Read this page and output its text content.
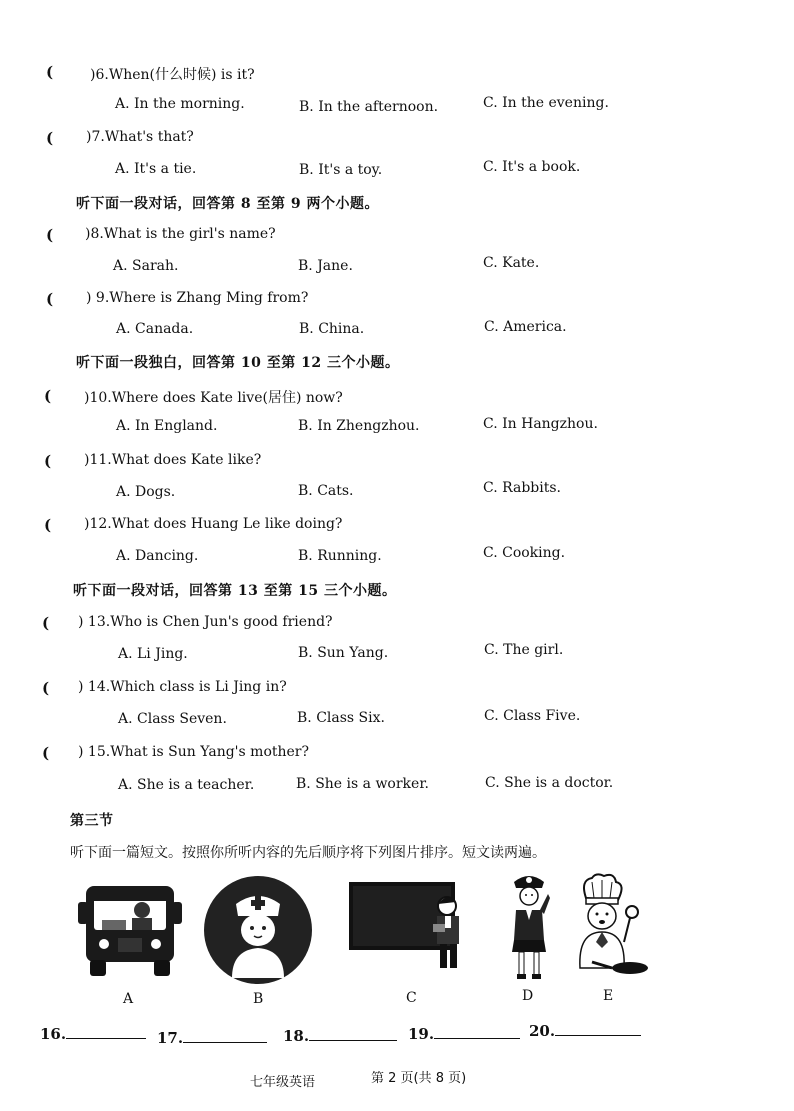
(	)6.When(什么时候) is it?
A. In the morning.	B. In the afternoon.	C. In the evening.
( )7.What's that?
A. It's a tie.	B. It's a toy.	C. It's a book.
听下面一段对话，回答第 8 至第 9 两个小题。
( )8.What is the girl's name?
A. Sarah.	B. Jane.	C. Kate.
( ) 9.Where is Zhang Ming from?
A. Canada.	B. China.	C. America.
听下面一段独白，回答第 10 至第 12 三个小题。
( )10.Where does Kate live(居住) now?
A. In England.	B. In Zhengzhou.	C. In Hangzhou.
( )11.What does Kate like?
A. Dogs.	B. Cats.	C. Rabbits.
( )12.What does Huang Le like doing?
A. Dancing.	B. Running.	C. Cooking.
听下面一段对话，回答第 13 至第 15 三个小题。
( ) 13.Who is Chen Jun's good friend?
A. Li Jing.	B. Sun Yang.	C. The girl.
( ) 14.Which class is Li Jing in?
A. Class Seven.	B. Class Six.	C. Class Five.
( ) 15.What is Sun Yang's mother?
A. She is a teacher.	B. She is a worker.	C. She is a doctor.
第三节
听下面一篇短文。按照你所听内容的先后顺序将下列图片排序。短文读两遍。
A	B	C	D	E
16.	17.	18.	19.	20.
七年级英语	第 2 页(共 8 页)
